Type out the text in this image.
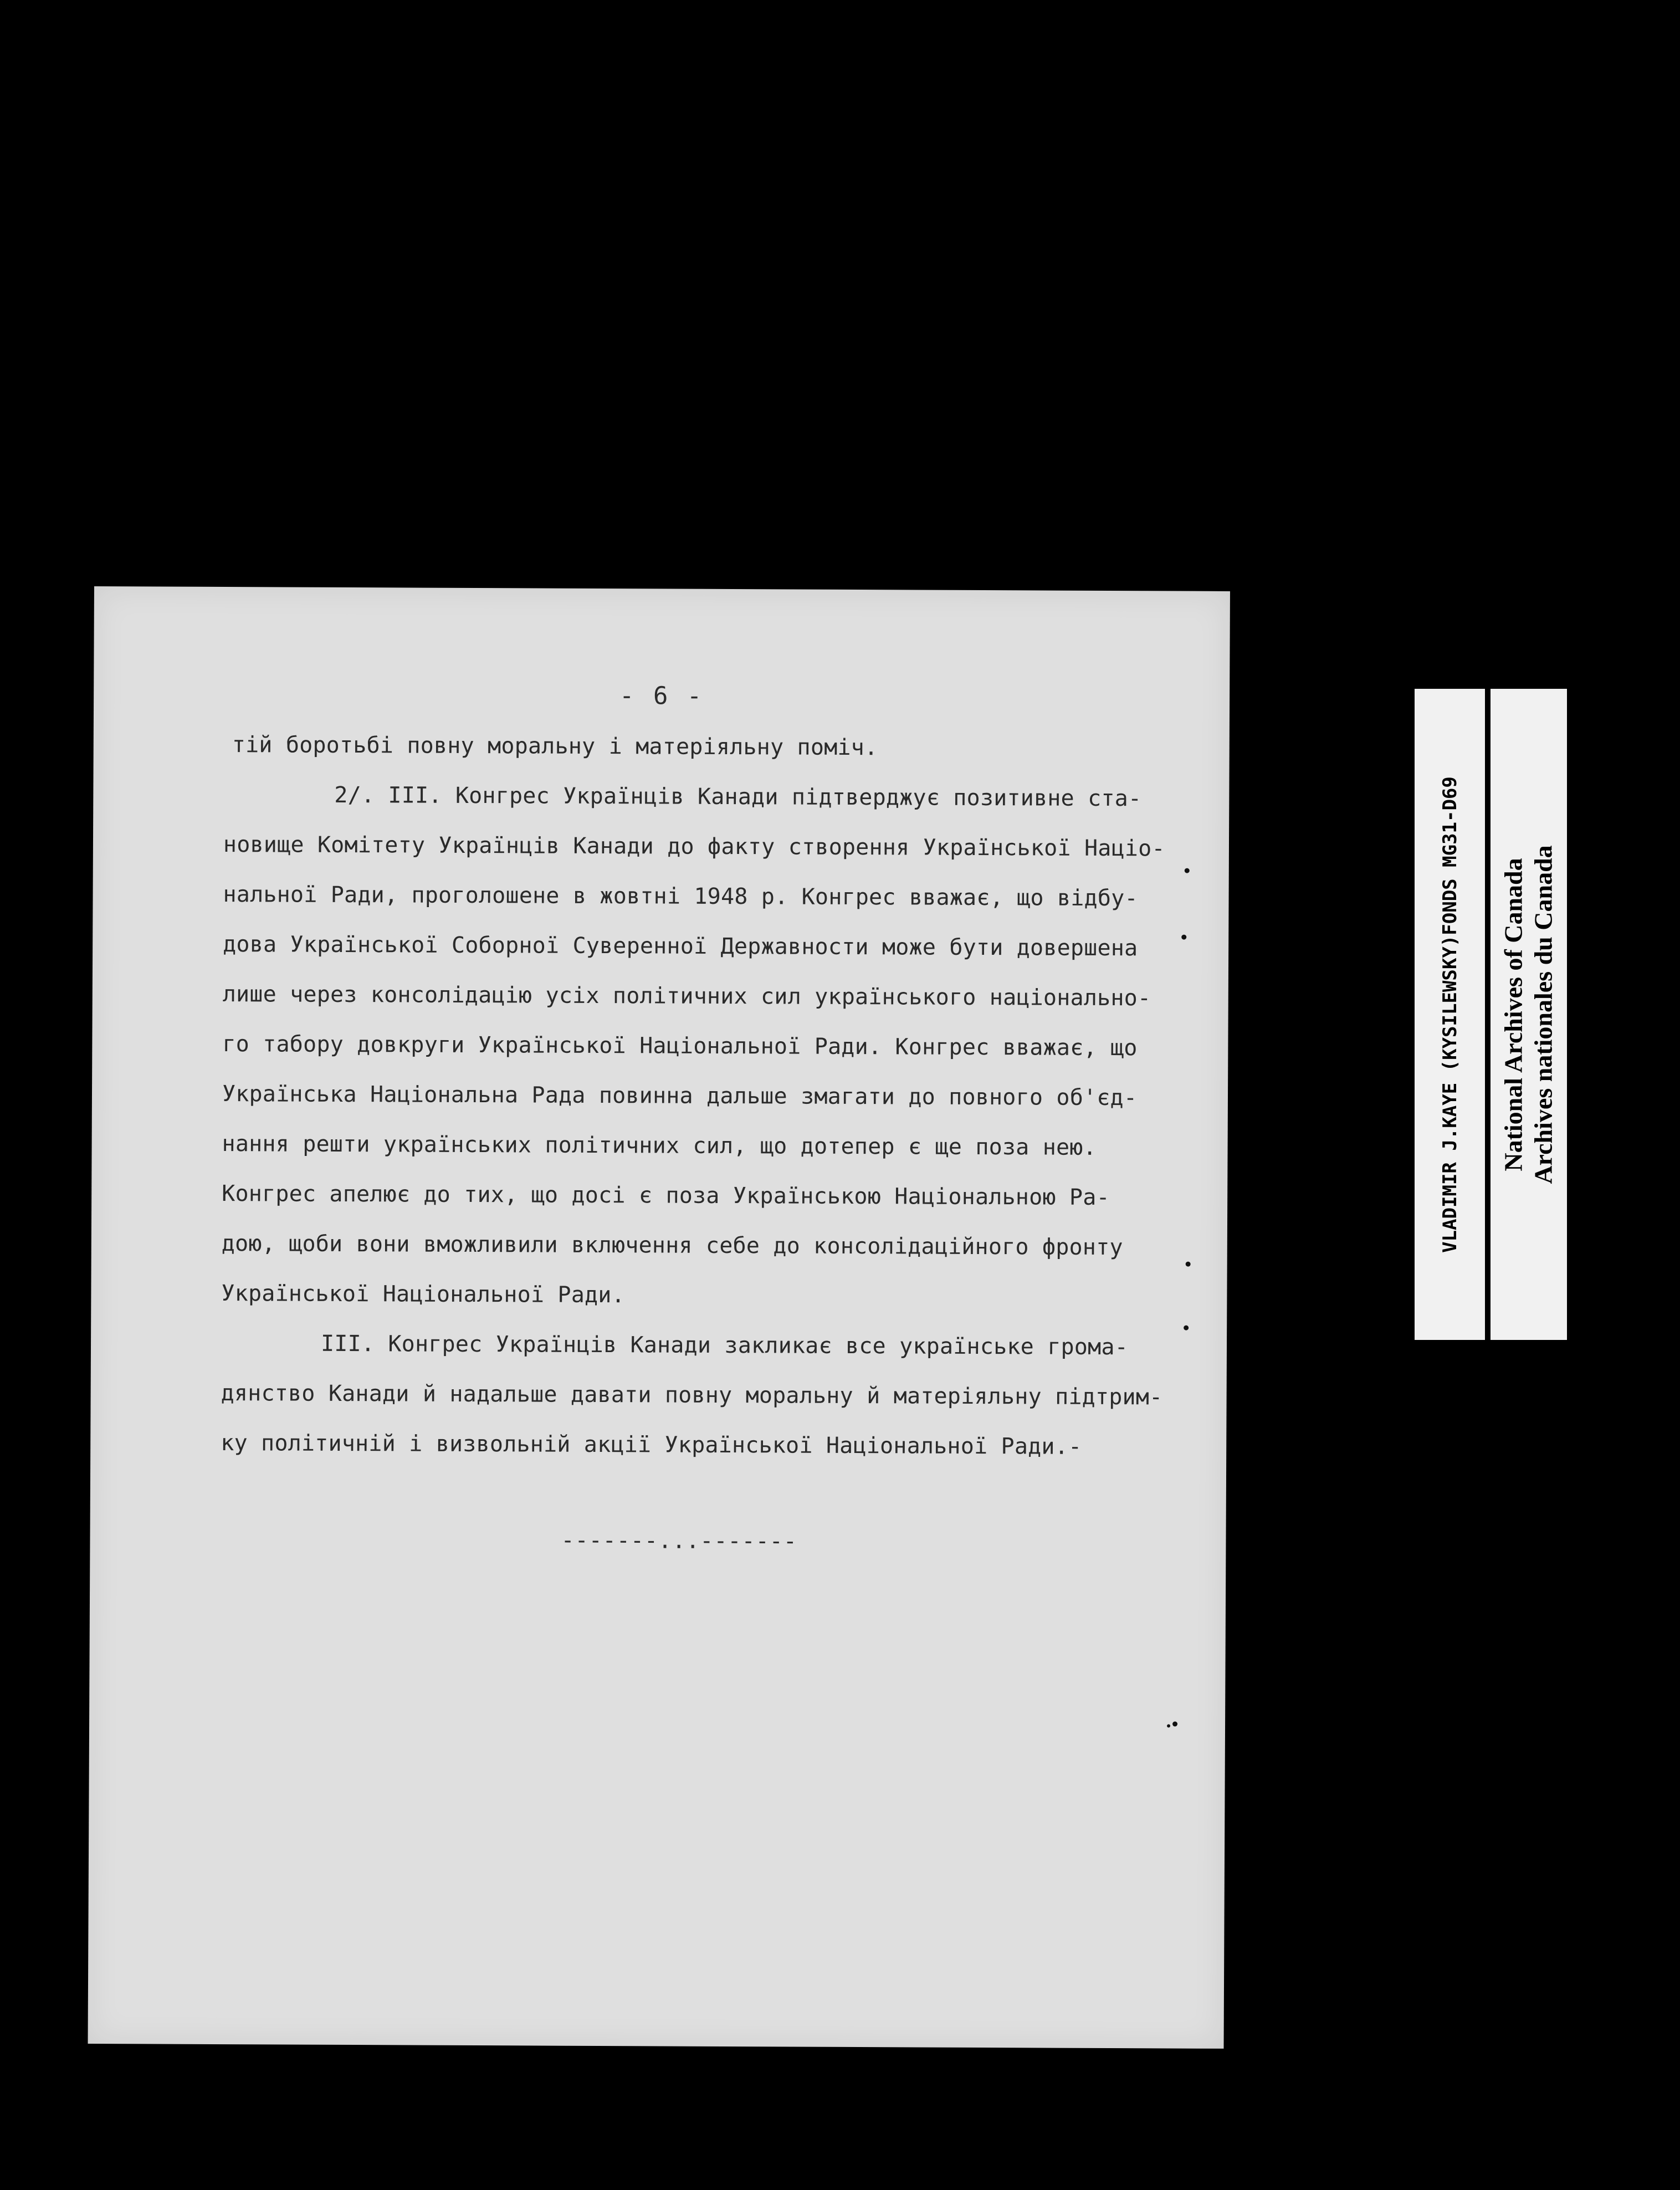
- 6 -
тій боротьбі повну моральну і матеріяльну поміч.
2/. III. Конгрес Українців Канади підтверджує позитивне ста-
новище Комітету Українців Канади до факту створення Української Націо-
нальної Ради, проголошене в жовтні 1948 р. Конгрес вважає, що відбу-
дова Української Соборної Суверенної Державности може бути довершена
лише через консолідацію усіх політичних сил українського національно-
го табору довкруги Української Національної Ради. Конгрес вважає, що
Українська Національна Рада повинна дальше змагати до повного об'єд-
нання решти українських політичних сил, що дотепер є ще поза нею.
Конгрес апелює до тих, що досі є поза Українською Національною Ра-
дою, щоби вони вможливили включення себе до консолідаційного фронту
Української Національної Ради.
III. Конгрес Українців Канади закликає все українське грома-
дянство Канади й надальше давати повну моральну й матеріяльну підтрим-
ку політичній і визвольній акції Української Національної Ради.-
-------...-------
VLADIMIR J.KAYE (KYSILEWSKY)FONDS MG31-D69 National Archives of Canada Archives nationales du Canada
